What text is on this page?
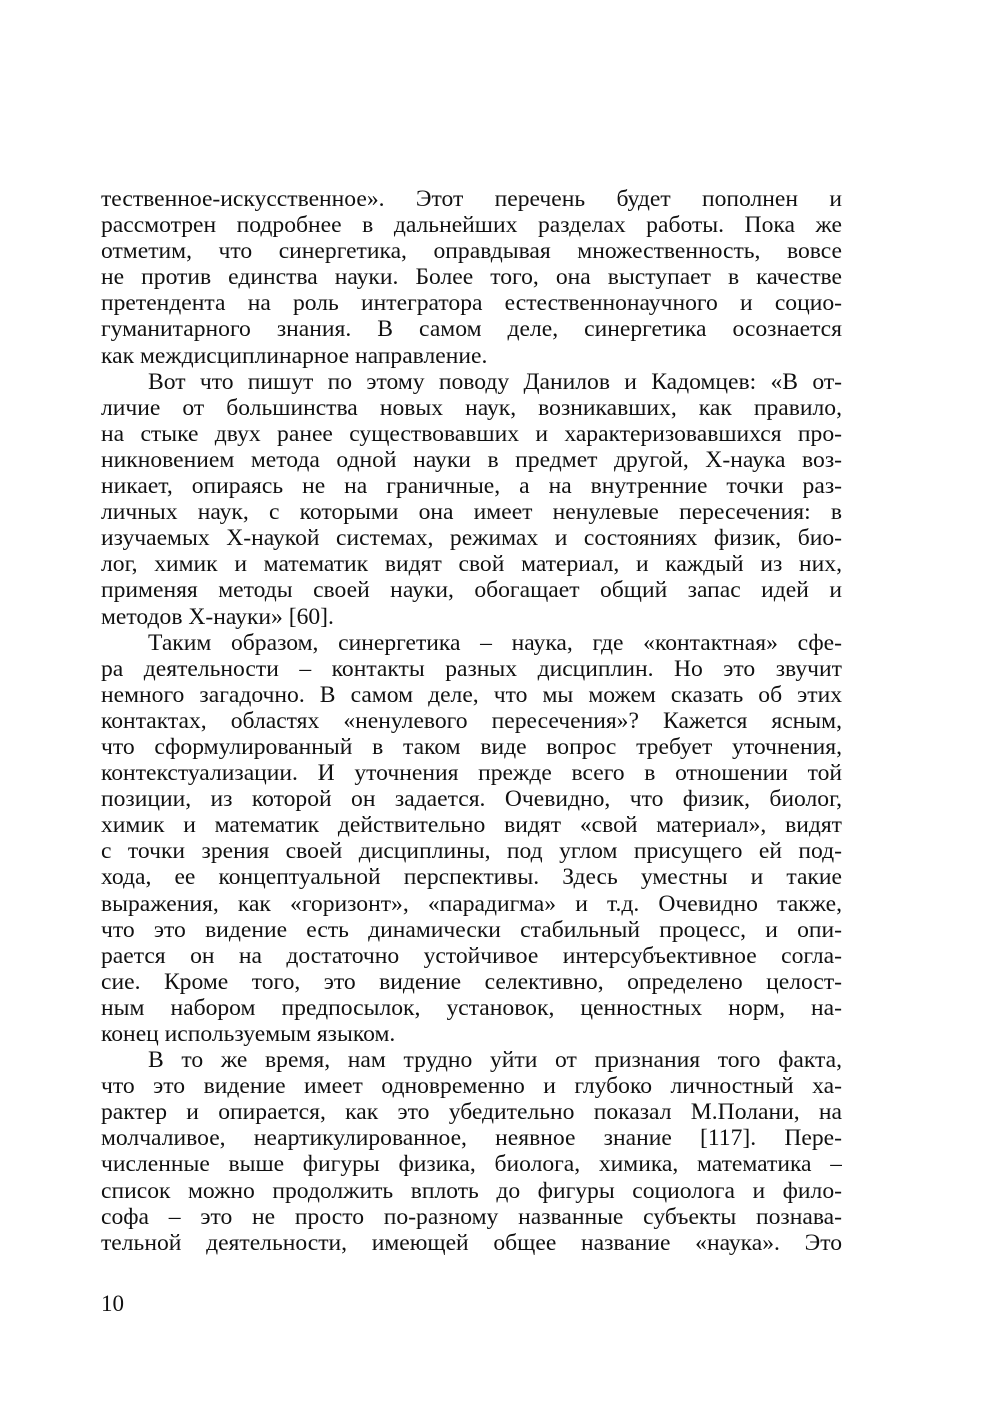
тественное-искусственное». Этот перечень будет пополнен и
рассмотрен подробнее в дальнейших разделах работы. Пока же
отметим, что синергетика, оправдывая множественность, вовсе
не против единства науки. Более того, она выступает в качестве
претендента на роль интегратора естественнонаучного и социо-
гуманитарного знания. В самом деле, синергетика осознается
как междисциплинарное направление.
Вот что пишут по этому поводу Данилов и Кадомцев: «В от-
личие от большинства новых наук, возникавших, как правило,
на стыке двух ранее существовавших и характеризовавшихся про-
никновением метода одной науки в предмет другой, X-наука воз-
никает, опираясь не на граничные, а на внутренние точки раз-
личных наук, с которыми она имеет ненулевые пересечения: в
изучаемых X-наукой системах, режимах и состояниях физик, био-
лог, химик и математик видят свой материал, и каждый из них,
применяя методы своей науки, обогащает общий запас идей и
методов X-науки» [60].
Таким образом, синергетика – наука, где «контактная» сфе-
ра деятельности – контакты разных дисциплин. Но это звучит
немного загадочно. В самом деле, что мы можем сказать об этих
контактах, областях «ненулевого пересечения»? Кажется ясным,
что сформулированный в таком виде вопрос требует уточнения,
контекстуализации. И уточнения прежде всего в отношении той
позиции, из которой он задается. Очевидно, что физик, биолог,
химик и математик действительно видят «свой материал», видят
с точки зрения своей дисциплины, под углом присущего ей под-
хода, ее концептуальной перспективы. Здесь уместны и такие
выражения, как «горизонт», «парадигма» и т.д. Очевидно также,
что это видение есть динамически стабильный процесс, и опи-
рается он на достаточно устойчивое интерсубъективное согла-
сие. Кроме того, это видение селективно, определено целост-
ным набором предпосылок, установок, ценностных норм, на-
конец используемым языком.
В то же время, нам трудно уйти от признания того факта,
что это видение имеет одновременно и глубоко личностный ха-
рактер и опирается, как это убедительно показал М.Полани, на
молчаливое, неартикулированное, неявное знание [117]. Пере-
численные выше фигуры физика, биолога, химика, математика –
список можно продолжить вплоть до фигуры социолога и фило-
софа – это не просто по-разному названные субъекты познава-
тельной деятельности, имеющей общее название «наука». Это
10
